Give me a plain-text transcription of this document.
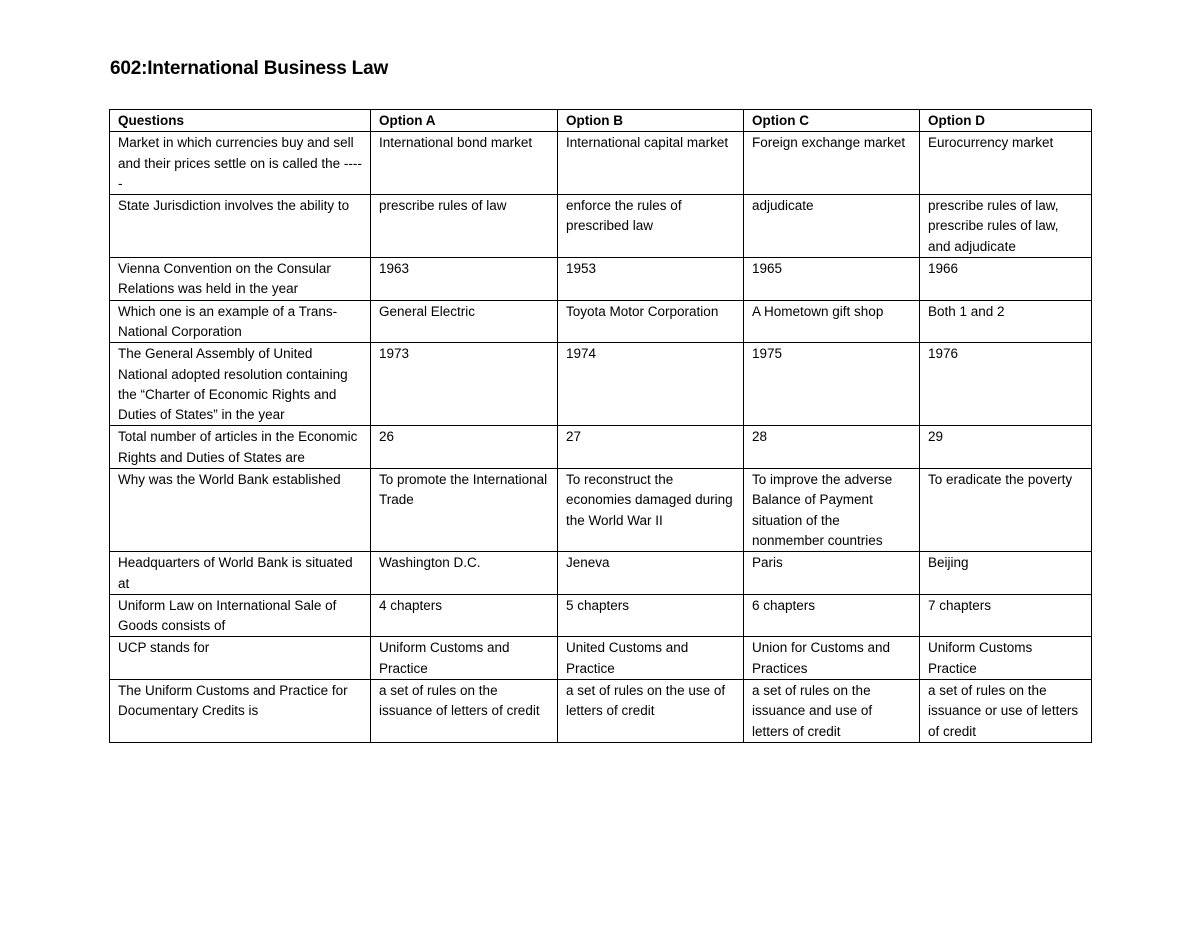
602:International Business Law
Questions	Option A	Option B	Option C	Option D
Market in which currencies buy and sell and their prices settle on is called the -----	International bond market	International capital market	Foreign exchange market	Eurocurrency market
State Jurisdiction involves the ability to	prescribe rules of law	enforce the rules of prescribed law	adjudicate	prescribe rules of law, prescribe rules of law, and adjudicate
Vienna Convention on the Consular Relations was held in the year	1963	1953	1965	1966
Which one is an example of a Trans-National Corporation	General Electric	Toyota Motor Corporation	A Hometown gift shop	Both 1 and 2
The General Assembly of United National adopted resolution containing the “Charter of Economic Rights and Duties of States” in the year	1973	1974	1975	1976
Total number of articles in the Economic Rights and Duties of States are	26	27	28	29
Why was the World Bank established	To promote the International Trade	To reconstruct the economies damaged during the World War II	To improve the adverse Balance of Payment situation of the nonmember countries	To eradicate the poverty
Headquarters of World Bank is situated at	Washington D.C.	Jeneva	Paris	Beijing
Uniform Law on International Sale of Goods consists of	4 chapters	5 chapters	6 chapters	7 chapters
UCP stands for	Uniform Customs and Practice	United Customs and Practice	Union for Customs and Practices	Uniform Customs Practice
The Uniform Customs and Practice for Documentary Credits is	a set of rules on the issuance of letters of credit	a set of rules on the use of letters of credit	a set of rules on the issuance and use of letters of credit	a set of rules on the issuance or use of letters of credit
